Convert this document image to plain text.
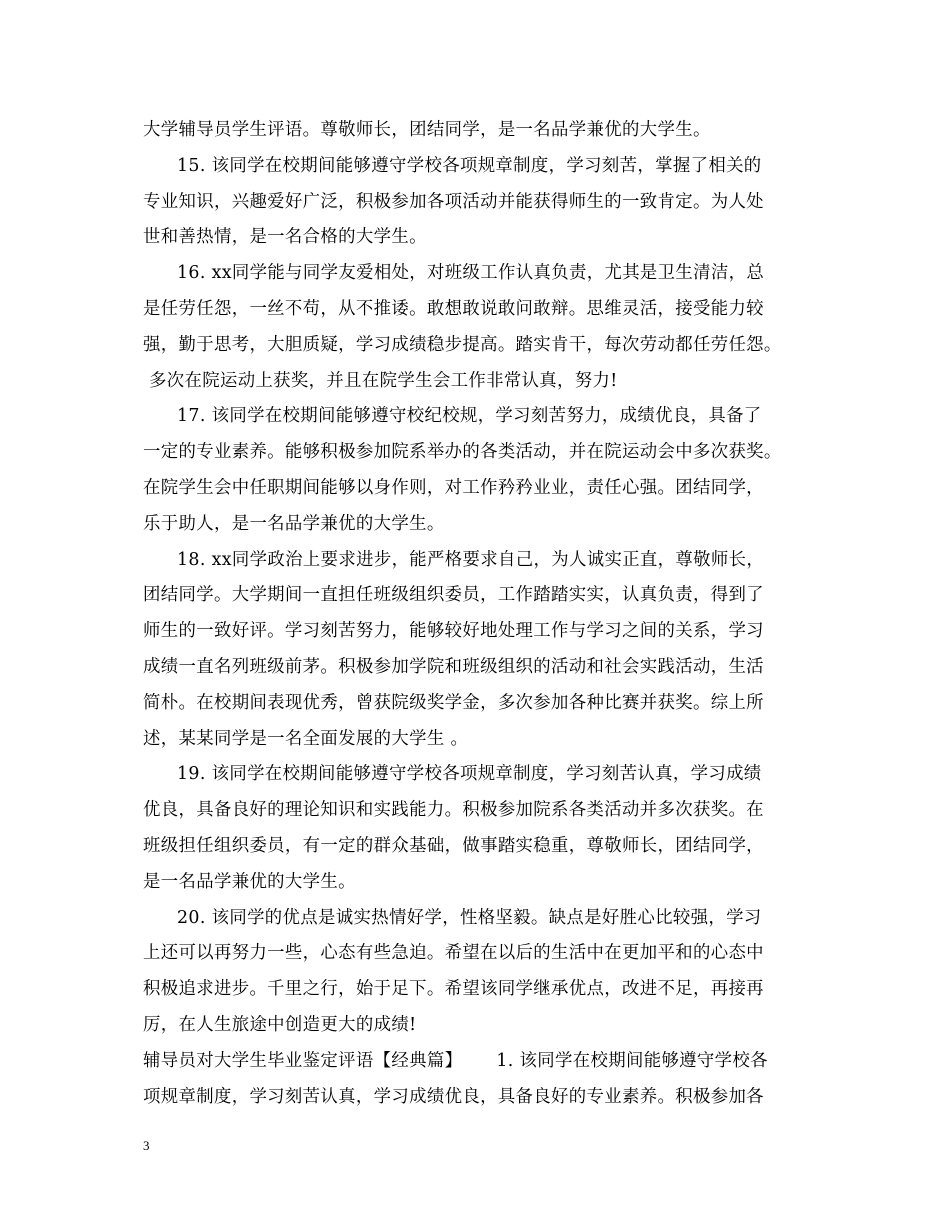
大学辅导员学生评语。尊敬师长，团结同学，是一名品学兼优的大学生。
15. 该同学在校期间能够遵守学校各项规章制度，学习刻苦，掌握了相关的
专业知识，兴趣爱好广泛，积极参加各项活动并能获得师生的一致肯定。为人处
世和善热情，是一名合格的大学生。
16. xx同学能与同学友爱相处，对班级工作认真负责，尤其是卫生清洁，总
是任劳任怨，一丝不苟，从不推诿。敢想敢说敢问敢辩。思维灵活，接受能力较
强，勤于思考，大胆质疑，学习成绩稳步提高。踏实肯干，每次劳动都任劳任怨。
多次在院运动上获奖，并且在院学生会工作非常认真，努力!
17. 该同学在校期间能够遵守校纪校规，学习刻苦努力，成绩优良，具备了
一定的专业素养。能够积极参加院系举办的各类活动，并在院运动会中多次获奖。
在院学生会中任职期间能够以身作则，对工作矜矜业业，责任心强。团结同学，
乐于助人，是一名品学兼优的大学生。
18. xx同学政治上要求进步，能严格要求自己，为人诚实正直，尊敬师长，
团结同学。大学期间一直担任班级组织委员，工作踏踏实实，认真负责，得到了
师生的一致好评。学习刻苦努力，能够较好地处理工作与学习之间的关系，学习
成绩一直名列班级前茅。积极参加学院和班级组织的活动和社会实践活动，生活
简朴。在校期间表现优秀，曾获院级奖学金，多次参加各种比赛并获奖。综上所
述，某某同学是一名全面发展的大学生 。
19. 该同学在校期间能够遵守学校各项规章制度，学习刻苦认真，学习成绩
优良，具备良好的理论知识和实践能力。积极参加院系各类活动并多次获奖。在
班级担任组织委员，有一定的群众基础，做事踏实稳重，尊敬师长，团结同学，
是一名品学兼优的大学生。
20. 该同学的优点是诚实热情好学，性格坚毅。缺点是好胜心比较强，学习
上还可以再努力一些，心态有些急迫。希望在以后的生活中在更加平和的心态中
积极追求进步。千里之行，始于足下。希望该同学继承优点，改进不足，再接再
厉，在人生旅途中创造更大的成绩!
辅导员对大学生毕业鉴定评语【经典篇】 1. 该同学在校期间能够遵守学校各
项规章制度，学习刻苦认真，学习成绩优良，具备良好的专业素养。积极参加各
3
